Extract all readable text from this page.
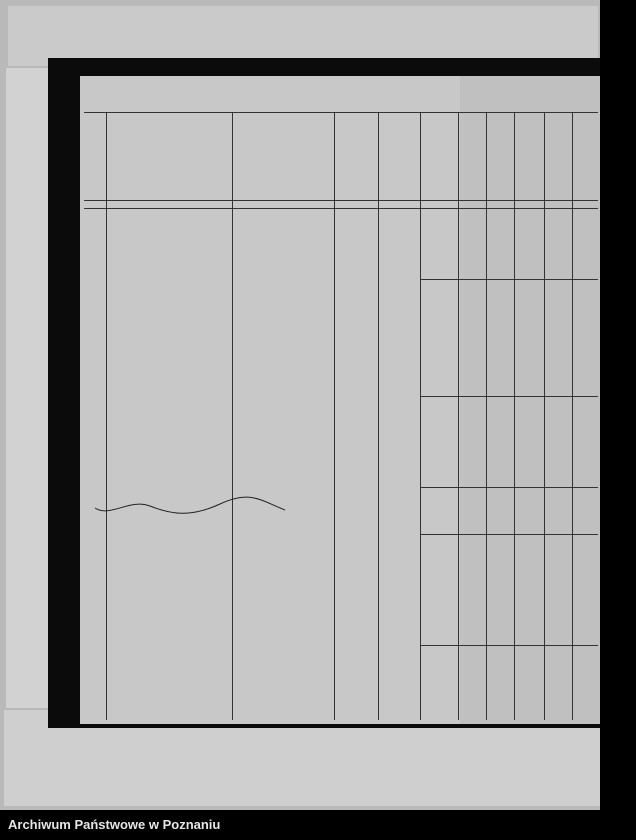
Archiwum Państwowe w Poznaniu
